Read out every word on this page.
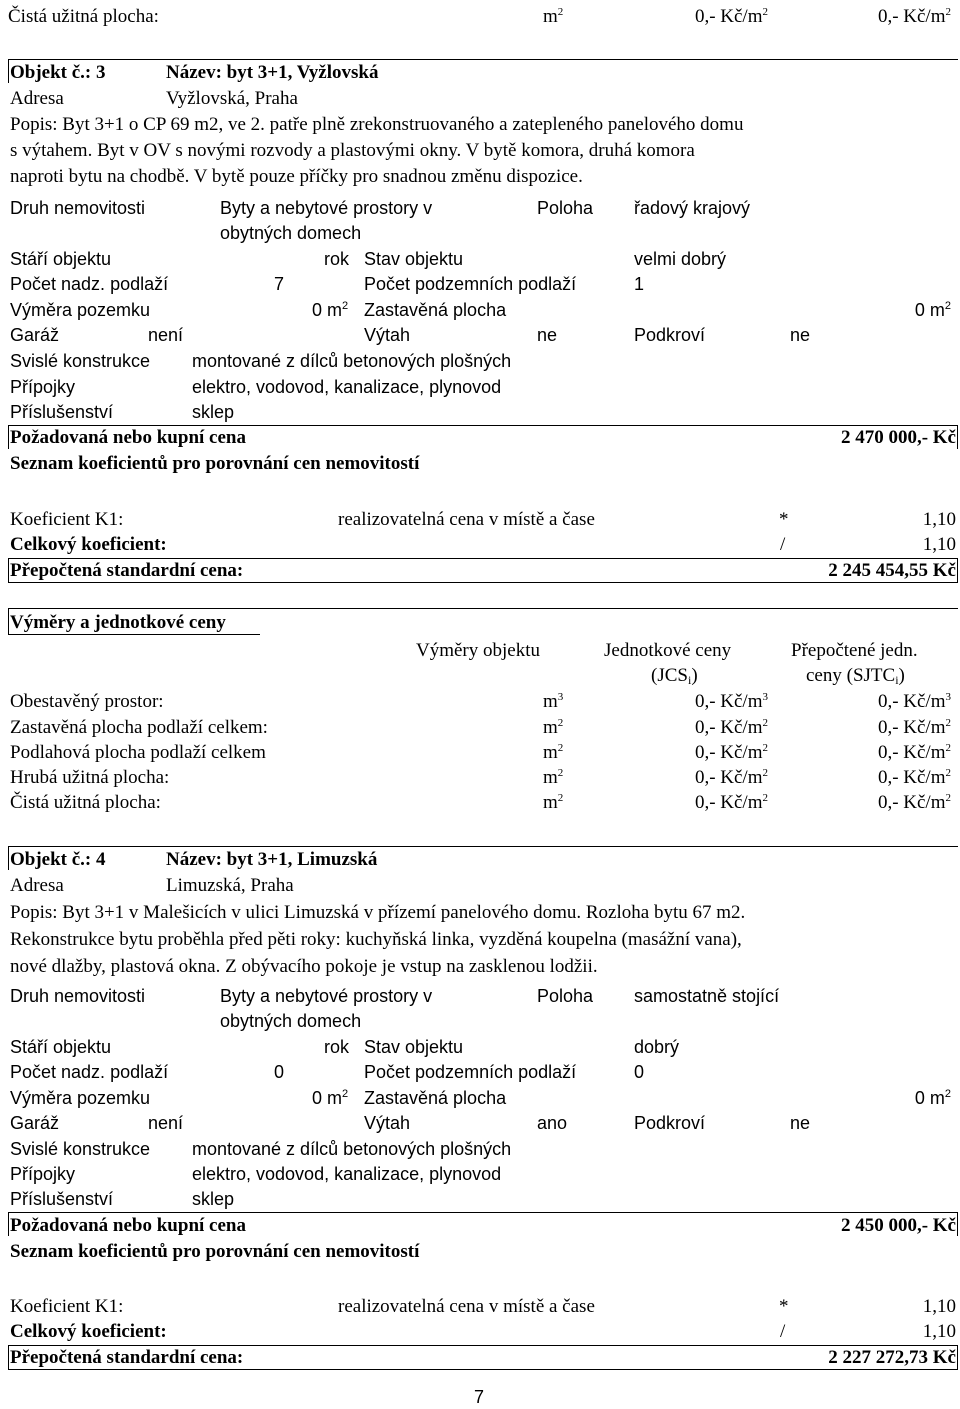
Čistá užitná plocha:	$m^2$	0,- $Kč/m^2$	0,- $Kč/m^2$
Objekt č.: 3	Název: byt 3+1, Vyžlovská
Adresa	Vyžlovská, Praha
Popis: Byt 3+1 o CP 69 m2, ve 2. patře plně zrekonstruovaného a zatepleného panelového domu
s výtahem. Byt v OV s novými rozvody a plastovými okny. V bytě komora, druhá komora
naproti bytu na chodbě. V bytě pouze příčky pro snadnou změnu dispozice.
Druh nemovitosti	Byty a nebytové prostory v
obytných domech
Poloha řadový krajový
Stáří objektu	rok Stav objektu	velmi dobrý
Počet nadz. podlaží	7	Počet podzemních podlaží	1
Výměra pozemku	0 $m^2$ Zastavěná plocha	0 $m^2$
Garáž	není	Výtah	ne	Podkroví	ne
Svislé konstrukce montované z dílců betonových plošných
Přípojky	elektro, vodovod, kanalizace, plynovod
Příslušenství	sklep
Požadovaná nebo kupní cena	2 470 000,- Kč
Seznam koeficientů pro porovnání cen nemovitostí
Koeficient K1:	realizovatelná cena v místě a čase	*	1,10
Celkový koeficient:	/	1,10
Přepočtená standardní cena:	2 245 454,55 Kč
Výměry a jednotkové ceny
Výměry objektu	Jednotkové ceny
$(JCS_i)$
Přepočtené jedn.
ceny $(SJTC_i)$
Obestavěný prostor:	$m^3$	0,- $Kč/m^3$	0,- $Kč/m^3$
Zastavěná plocha podlaží celkem:	$m^2$	0,- $Kč/m^2$	0,- $Kč/m^2$
Podlahová plocha podlaží celkem	$m^2$	0,- $Kč/m^2$	0,- $Kč/m^2$
Hrubá užitná plocha:	$m^2$	0,- $Kč/m^2$	0,- $Kč/m^2$
Čistá užitná plocha:	$m^2$	0,- $Kč/m^2$	0,- $Kč/m^2$
Objekt č.: 4	Název: byt 3+1, Limuzská
Adresa	Limuzská, Praha
Popis: Byt 3+1 v Malešicích v ulici Limuzská v přízemí panelového domu. Rozloha bytu 67 m2.
Rekonstrukce bytu proběhla před pěti roky: kuchyňská linka, vyzděná koupelna (masážní vana),
nové dlažby, plastová okna. Z obývacího pokoje je vstup na zasklenou lodžii.
Druh nemovitosti	Byty a nebytové prostory v
obytných domech
Poloha samostatně stojící
Stáří objektu	rok Stav objektu	dobrý
Počet nadz. podlaží	0	Počet podzemních podlaží	0
Výměra pozemku	0 $m^2$ Zastavěná plocha	0 $m^2$
Garáž	není	Výtah	ano	Podkroví	ne
Svislé konstrukce montované z dílců betonových plošných
Přípojky	elektro, vodovod, kanalizace, plynovod
Příslušenství	sklep
Požadovaná nebo kupní cena	2 450 000,- Kč
Seznam koeficientů pro porovnání cen nemovitostí
Koeficient K1:	realizovatelná cena v místě a čase	*	1,10
Celkový koeficient:	/	1,10
Přepočtená standardní cena:	2 227 272,73 Kč
7
